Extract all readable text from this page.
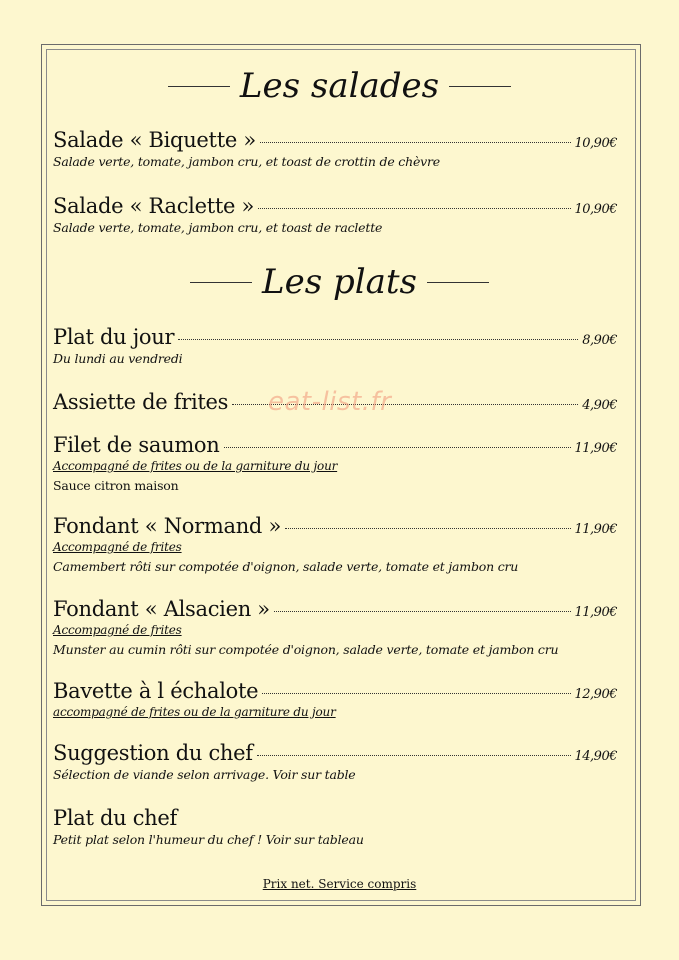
Les salades
Salade « Biquette »	10,90€
Salade verte, tomate, jambon cru, et toast de crottin de chèvre
Salade « Raclette »	10,90€
Salade verte, tomate, jambon cru, et toast de raclette
Les plats
Plat du jour	8,90€
Du lundi au vendredi
Assiette de frites	4,90€
Filet de saumon	11,90€
Accompagné de frites ou de la garniture du jour
Sauce citron maison
Fondant « Normand »	11,90€
Accompagné de frites
Camembert rôti sur compotée d'oignon, salade verte, tomate et jambon cru
Fondant « Alsacien »	11,90€
Accompagné de frites
Munster au cumin rôti sur compotée d'oignon, salade verte, tomate et jambon cru
Bavette à l échalote	12,90€
accompagné de frites ou de la garniture du jour
Suggestion du chef	14,90€
Sélection de viande selon arrivage. Voir sur table
Plat du chef
Petit plat selon l'humeur du chef ! Voir sur tableau
Prix net. Service compris
eat-list.fr
